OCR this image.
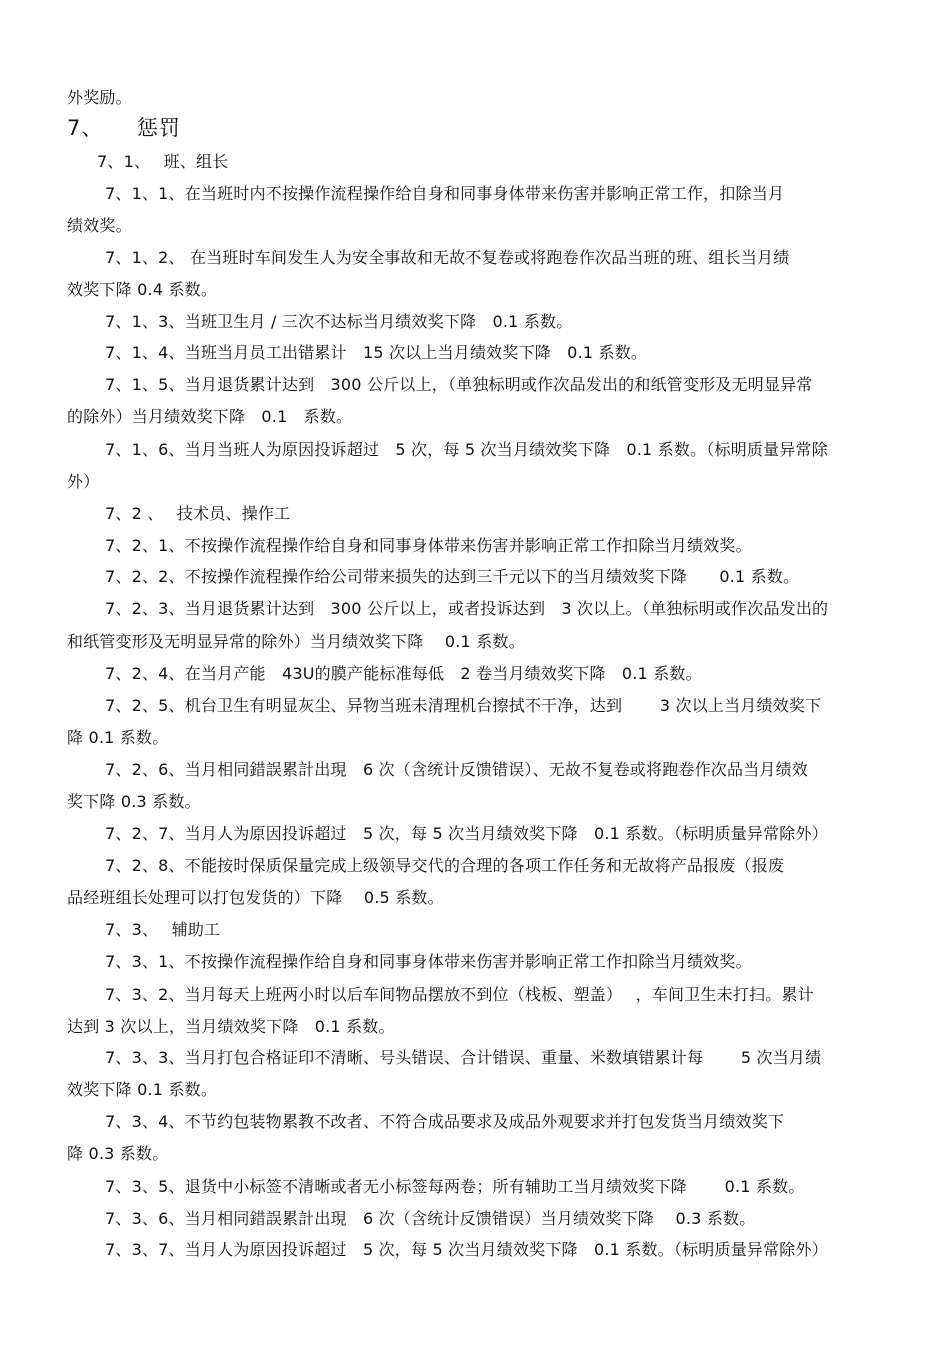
外奖励。
7、　　惩罚
7、1、　 班、组长
7、1、1、在当班时内不按操作流程操作给自身和同事身体带来伤害并影响正常工作，扣除当月
绩效奖。
7、1、2、 在当班时车间发生人为安全事故和无故不复卷或将跑卷作次品当班的班、组长当月绩
效奖下降 0.4 系数。
7、1、3、当班卫生月 / 三次不达标当月绩效奖下降　0.1 系数。
7、1、4、当班当月员工出错累计　15 次以上当月绩效奖下降　0.1 系数。
7、1、5、当月退货累计达到　300 公斤以上，（单独标明或作次品发出的和纸管变形及无明显异常
的除外）当月绩效奖下降　0.1　系数。
7、1、6、当月当班人为原因投诉超过　5 次，每 5 次当月绩效奖下降　0.1 系数。（标明质量异常除
外）
7、2 、　 技术员、操作工
7、2、1、不按操作流程操作给自身和同事身体带来伤害并影响正常工作扣除当月绩效奖。
7、2、2、不按操作流程操作给公司带来损失的达到三千元以下的当月绩效奖下降　　0.1 系数。
7、2、3、当月退货累计达到　300 公斤以上，或者投诉达到　3 次以上。（单独标明或作次品发出的
和纸管变形及无明显异常的除外）当月绩效奖下降　 0.1 系数。
7、2、4、在当月产能　43U的膜产能标准每低　2 卷当月绩效奖下降　0.1 系数。
7、2、5、机台卫生有明显灰尘、异物当班未清理机台擦拭不干净，达到　　 3 次以上当月绩效奖下
降 0.1 系数。
7、2、6、当月相同錯誤累計出現　6 次（含统计反馈错误）、无故不复卷或将跑卷作次品当月绩效
奖下降 0.3 系数。
7、2、7、当月人为原因投诉超过　5 次，每 5 次当月绩效奖下降　0.1 系数。（标明质量异常除外）
7、2、8、不能按时保质保量完成上级领导交代的合理的各项工作任务和无故将产品报废（报废
品经班组长处理可以打包发货的）下降　 0.5 系数。
7、3、　 辅助工
7、3、1、不按操作流程操作给自身和同事身体带来伤害并影响正常工作扣除当月绩效奖。
7、3、2、当月每天上班两小时以后车间物品摆放不到位（栈板、塑盖）　 ，车间卫生未打扫。累计
达到 3 次以上，当月绩效奖下降　0.1 系数。
7、3、3、当月打包合格证印不清晰、号头错误、合计错误、重量、米数填错累计每　　 5 次当月绩
效奖下降 0.1 系数。
7、3、4、不节约包装物累教不改者、不符合成品要求及成品外观要求并打包发货当月绩效奖下
降 0.3 系数。
7、3、5、退货中小标签不清晰或者无小标签每两卷；所有辅助工当月绩效奖下降　　 0.1 系数。
7、3、6、当月相同錯誤累計出現　6 次（含统计反馈错误）当月绩效奖下降　 0.3 系数。
7、3、7、当月人为原因投诉超过　5 次，每 5 次当月绩效奖下降　0.1 系数。（标明质量异常除外）
